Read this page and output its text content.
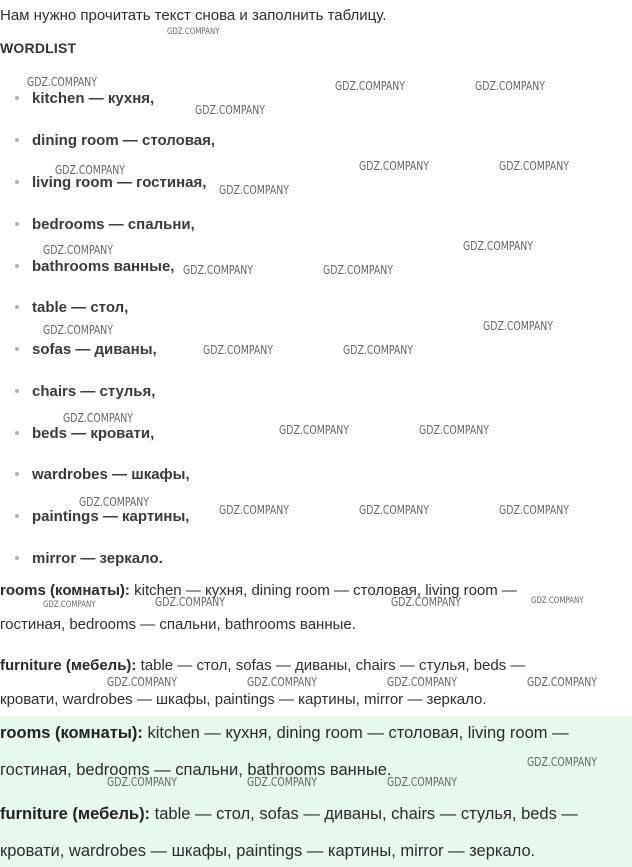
Нам нужно прочитать текст снова и заполнить таблицу.
WORDLIST
kitchen — кухня,
dining room — столовая,
living room — гостиная,
bedrooms — спальни,
bathrooms ванные,
table — стол,
sofas — диваны,
chairs — стулья,
beds — кровати,
wardrobes — шкафы,
paintings — картины,
mirror — зеркало.
rooms (комнаты): kitchen — кухня, dining room — столовая, living room —
гостиная, bedrooms — спальни, bathrooms ванные.
furniture (мебель): table — стол, sofas — диваны, chairs — стулья, beds —
кровати, wardrobes — шкафы, paintings — картины, mirror — зеркало.
rooms (комнаты): kitchen — кухня, dining room — столовая, living room —
гостиная, bedrooms — спальни, bathrooms ванные.
furniture (мебель): table — стол, sofas — диваны, chairs — стулья, beds —
кровати, wardrobes — шкафы, paintings — картины, mirror — зеркало.
GDZ.COMPANY
GDZ.COMPANY	GDZ.COMPANY	GDZ.COMPANY
GDZ.COMPANY
GDZ.COMPANY	GDZ.COMPANY	GDZ.COMPANY
GDZ.COMPANY
GDZ.COMPANY	GDZ.COMPANY
GDZ.COMPANY	GDZ.COMPANY
GDZ.COMPANY	GDZ.COMPANY
GDZ.COMPANY	GDZ.COMPANY
GDZ.COMPANY
GDZ.COMPANY	GDZ.COMPANY
GDZ.COMPANY
GDZ.COMPANY	GDZ.COMPANY	GDZ.COMPANY
GDZ.COMPANY	GDZ.COMPANY	GDZ.COMPANY	GDZ.COMPANY
GDZ.COMPANY	GDZ.COMPANY	GDZ.COMPANY	GDZ.COMPANY
GDZ.COMPANY
GDZ.COMPANY	GDZ.COMPANY	GDZ.COMPANY
